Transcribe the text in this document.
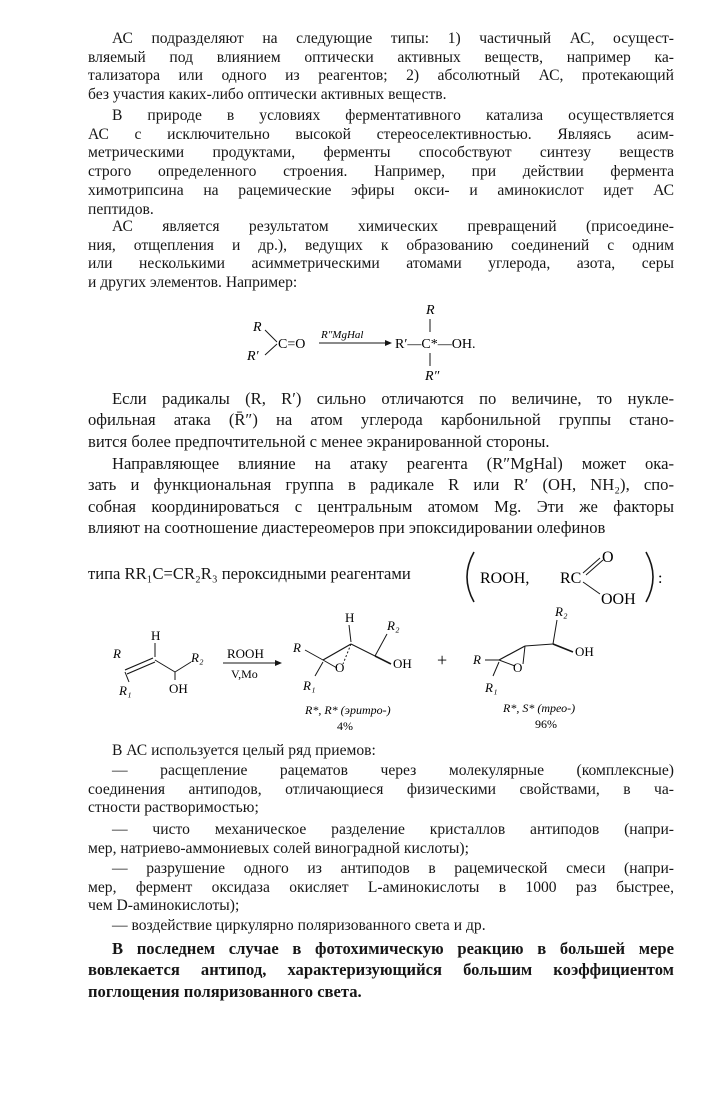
АС подразделяют на следующие типы: 1) частичный АС, осущест-
вляемый под влиянием оптически активных веществ, например ка-
тализатора или одного из реагентов; 2) абсолютный АС, протекающий
без участия каких-либо оптически активных веществ.

В природе в условиях ферментативного катализа осуществляется
АС с исключительно высокой стереоселективностью. Являясь асим-
метрическими продуктами, ферменты способствуют синтезу веществ
строго определенного строения. Например, при действии фермента
химотрипсина на рацемические эфиры окси- и аминокислот идет АС
пептидов.

АС является результатом химических превращений (присоедине-
ния, отщепления и др.), ведущих к образованию соединений с одним
или несколькими асимметрическими атомами углерода, азота, серы
и других элементов. Например:

R
R′
C=O
R″MgHal
R
R′—C*—OH.
R″

Если радикалы (R, R′) сильно отличаются по величине, то нукле-
офильная атака (R̄″) на атом углерода карбонильной группы стано-
вится более предпочтительной с менее экранированной стороны.

Направляющее влияние на атаку реагента (R″MgHal) может ока-
зать и функциональная группа в радикале R или R′ (OH, NH₂), спо-
собная координироваться с центральным атомом Mg. Эти же факторы
влияют на соотношение диастереомеров при эпоксидировании олефинов

типа RR₁C=CR₂R₃ пероксидными реагентами	ROOH, RC
O
OOH
:
H
R
R₁
R₂
OH
ROOH
V,Mo
H
R
O
R₁
R₂
OH
R*, R* (эритро-)
4%
+ R
O
R₁
R₂
OH
R*, S* (трео-)
96%

В АС используется целый ряд приемов:

— расщепление рацематов через молекулярные (комплексные)
соединения антиподов, отличающиеся физическими свойствами, в ча-
стности растворимостью;

— чисто механическое разделение кристаллов антиподов (напри-
мер, натриево-аммониевых солей виноградной кислоты);

— разрушение одного из антиподов в рацемической смеси (напри-
мер, фермент оксидаза окисляет L-аминокислоты в 1000 раз быстрее,
чем D-аминокислоты);

— воздействие циркулярно поляризованного света и др.

В последнем случае в фотохимическую реакцию в большей мере
вовлекается антипод, характеризующийся большим коэффициентом
поглощения поляризованного света.
